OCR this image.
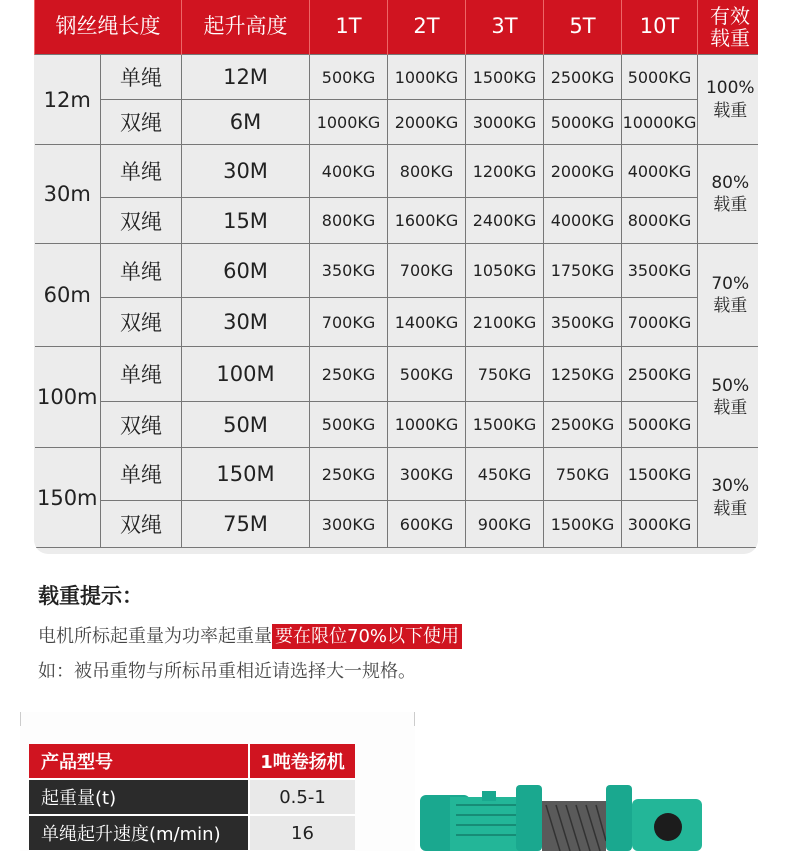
钢丝绳长度		起升高度	1T	2T	3T	5T	10T	有效
载重
12m	单绳	12M	500KG	1000KG	1500KG	2500KG	5000KG	100%
载重
	双绳	6M	1000KG	2000KG	3000KG	5000KG	10000KG	
30m	单绳	30M	400KG	800KG	1200KG	2000KG	4000KG	80%
载重
	双绳	15M	800KG	1600KG	2400KG	4000KG	8000KG	
60m	单绳	60M	350KG	700KG	1050KG	1750KG	3500KG	70%
载重
	双绳	30M	700KG	1400KG	2100KG	3500KG	7000KG	
100m	单绳	100M	250KG	500KG	750KG	1250KG	2500KG	50%
载重
	双绳	50M	500KG	1000KG	1500KG	2500KG	5000KG	
150m	单绳	150M	250KG	300KG	450KG	750KG	1500KG	30%
载重
	双绳	75M	300KG	600KG	900KG	1500KG	3000KG	
载重提示：
电机所标起重量为功率起重量 要在限位70%以下使用
如：被吊重物与所标吊重相近请选择大一规格。
产品型号	1吨卷扬机
起重量(t)	0.5-1
单绳起升速度(m/min)	16
